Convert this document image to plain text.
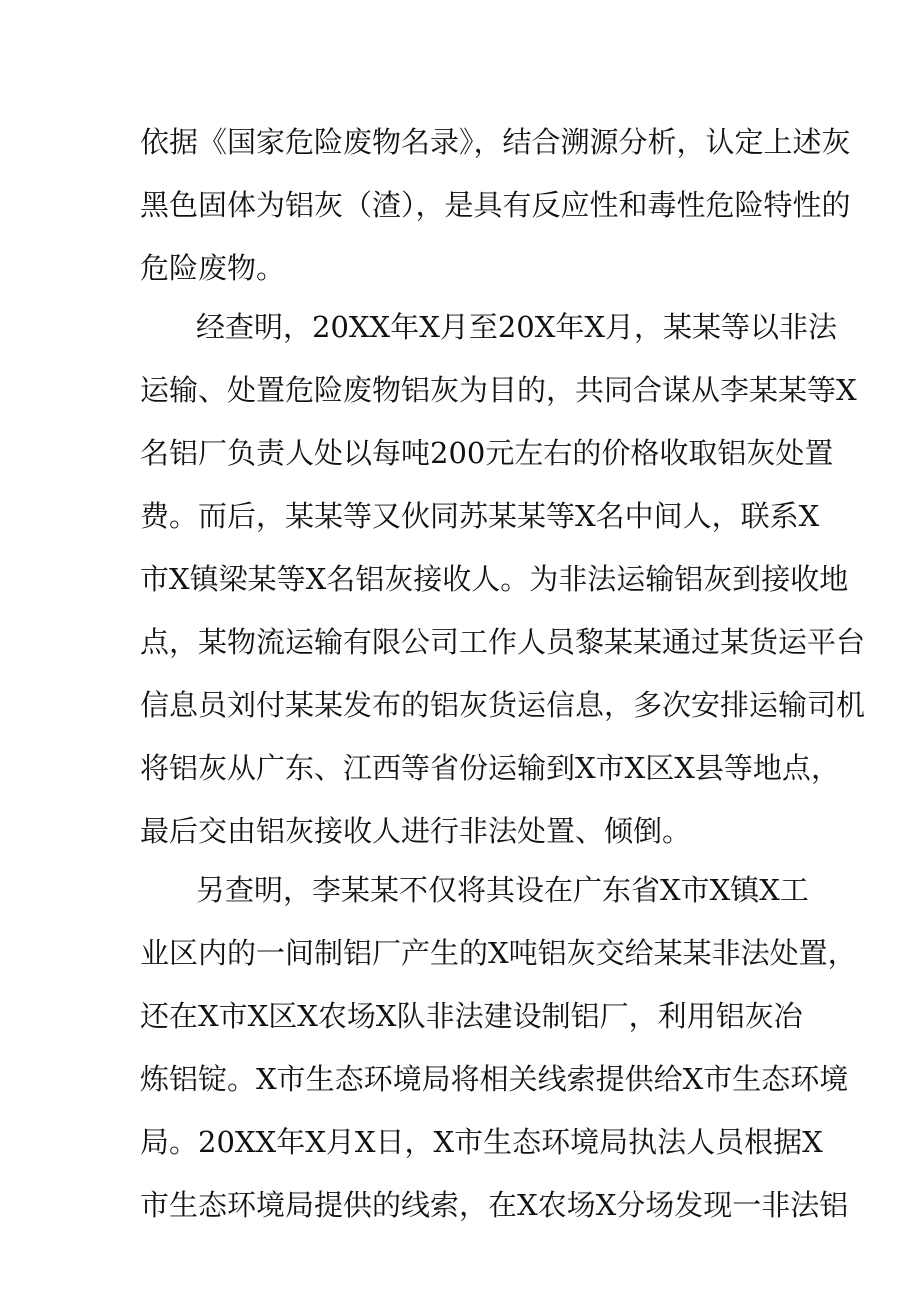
依据《国家危险废物名录》，结合溯源分析，认定上述灰
黑色固体为铝灰（渣），是具有反应性和毒性危险特性的
危险废物。
经查明，20XX年X月至20X年X月，某某等以非法
运输、处置危险废物铝灰为目的，共同合谋从李某某等X
名铝厂负责人处以每吨200元左右的价格收取铝灰处置
费。而后，某某等又伙同苏某某等X名中间人，联系X
市X镇梁某等X名铝灰接收人。为非法运输铝灰到接收地
点，某物流运输有限公司工作人员黎某某通过某货运平台
信息员刘付某某发布的铝灰货运信息，多次安排运输司机
将铝灰从广东、江西等省份运输到X市X区X县等地点，
最后交由铝灰接收人进行非法处置、倾倒。
另查明，李某某不仅将其设在广东省X市X镇X工
业区内的一间制铝厂产生的X吨铝灰交给某某非法处置，
还在X市X区X农场X队非法建设制铝厂，利用铝灰冶
炼铝锭。X市生态环境局将相关线索提供给X市生态环境
局。20XX年X月X日，X市生态环境局执法人员根据X
市生态环境局提供的线索，在X农场X分场发现一非法铝
